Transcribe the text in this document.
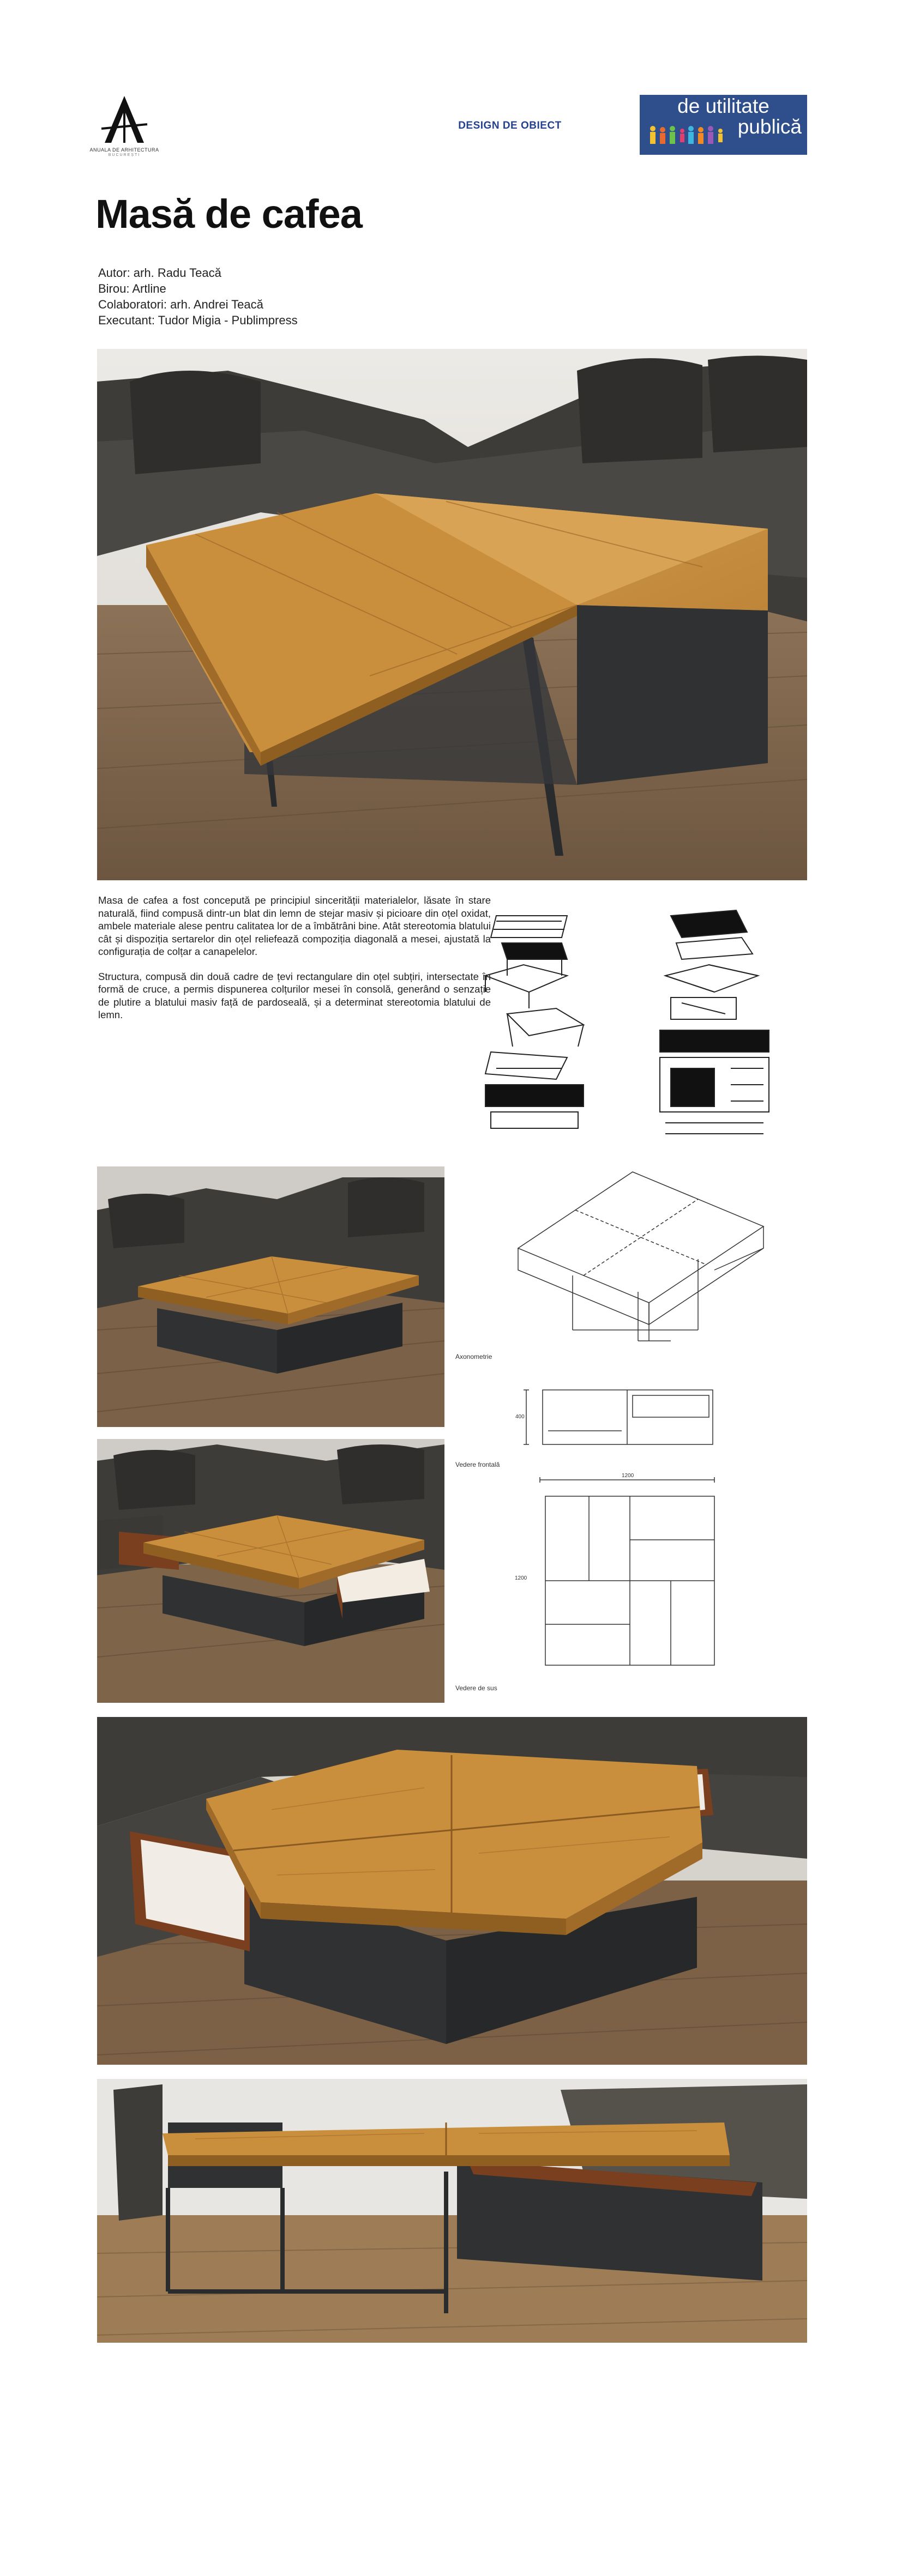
ANUALA DE ARHITECTURA
BUCUREȘTI
DESIGN DE OBIECT
de utilitate
publică
Masă de cafea
Autor: arh. Radu Teacă
Birou: Artline
Colaboratori: arh. Andrei Teacă
Executant: Tudor Migia - Publimpress

Masa de cafea a fost concepută pe principiul sincerității materialelor, lăsate în stare naturală, fiind compusă dintr-un blat din lemn de stejar masiv și picioare din oțel oxidat, ambele materiale alese pentru calitatea lor de a îmbătrâni bine. Atât stereotomia blatului cât și dispoziția sertarelor din oțel reliefează compoziția diagonală a mesei, ajustată la configurația de colțar a canapelelor.

Structura, compusă din două cadre de țevi rectangulare din oțel subțiri, intersectate în formă de cruce, a permis dispunerea colțurilor mesei în consolă, generând o senzație de plutire a blatului masiv față de pardoseală, și a determinat stereotomia blatului de lemn.

Axonometrie
400
Vedere frontală
1200
1200
Vedere de sus
